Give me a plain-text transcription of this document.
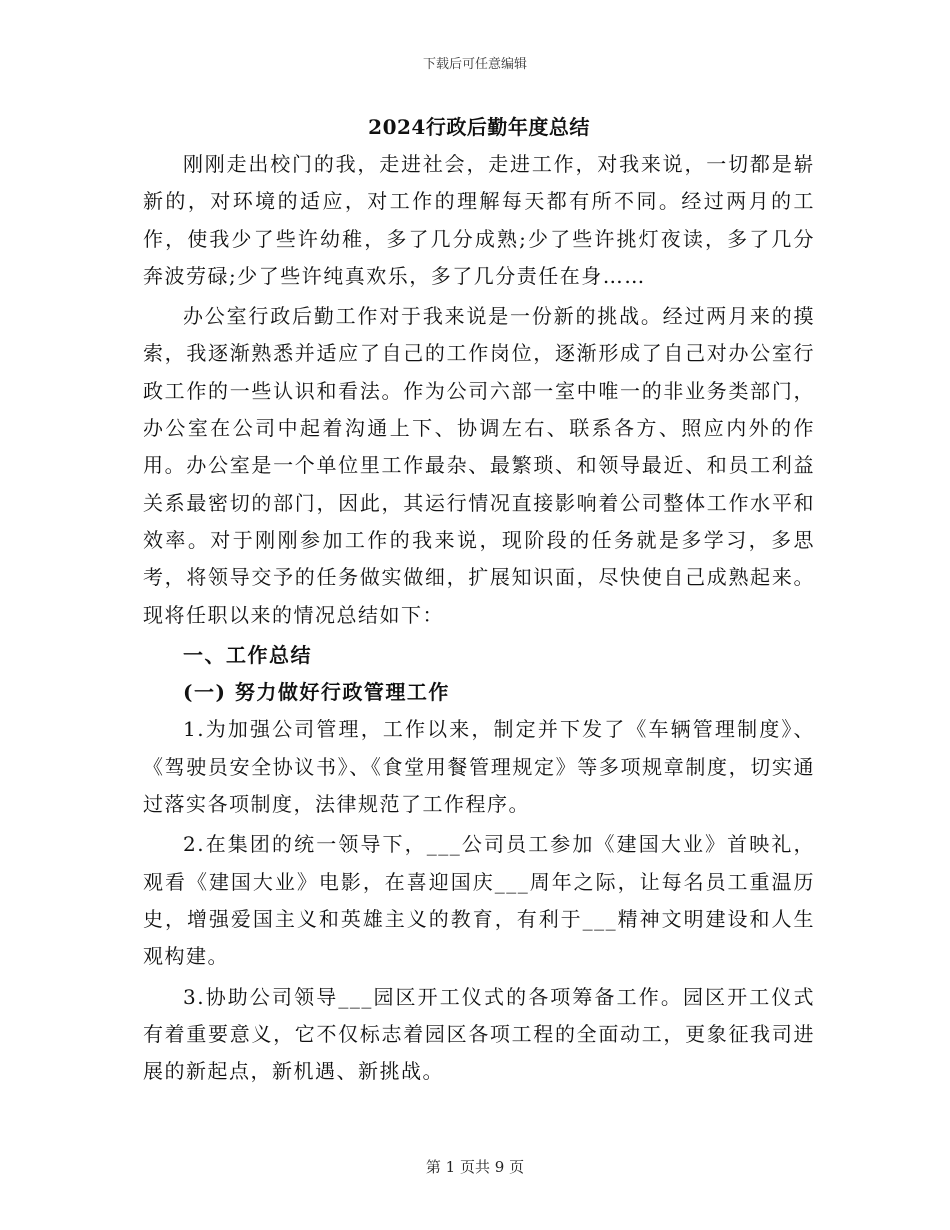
下载后可任意编辑
2024行政后勤年度总结

刚刚走出校门的我，走进社会，走进工作，对我来说，一切都是崭新的，对环境的适应，对工作的理解每天都有所不同。经过两月的工作，使我少了些许幼稚，多了几分成熟;少了些许挑灯夜读，多了几分奔波劳碌;少了些许纯真欢乐，多了几分责任在身……

办公室行政后勤工作对于我来说是一份新的挑战。经过两月来的摸索，我逐渐熟悉并适应了自己的工作岗位，逐渐形成了自己对办公室行政工作的一些认识和看法。作为公司六部一室中唯一的非业务类部门，办公室在公司中起着沟通上下、协调左右、联系各方、照应内外的作用。办公室是一个单位里工作最杂、最繁琐、和领导最近、和员工利益关系最密切的部门，因此，其运行情况直接影响着公司整体工作水平和效率。对于刚刚参加工作的我来说，现阶段的任务就是多学习，多思考，将领导交予的任务做实做细，扩展知识面，尽快使自己成熟起来。现将任职以来的情况总结如下：

一、工作总结

(一) 努力做好行政管理工作

1.为加强公司管理，工作以来，制定并下发了《车辆管理制度》、《驾驶员安全协议书》、《食堂用餐管理规定》等多项规章制度，切实通过落实各项制度，法律规范了工作程序。

2.在集团的统一领导下，___公司员工参加《建国大业》首映礼，观看《建国大业》电影，在喜迎国庆___周年之际，让每名员工重温历史，增强爱国主义和英雄主义的教育，有利于___精神文明建设和人生观构建。

3.协助公司领导___园区开工仪式的各项筹备工作。园区开工仪式有着重要意义，它不仅标志着园区各项工程的全面动工，更象征我司进展的新起点，新机遇、新挑战。

第 1 页共 9 页
